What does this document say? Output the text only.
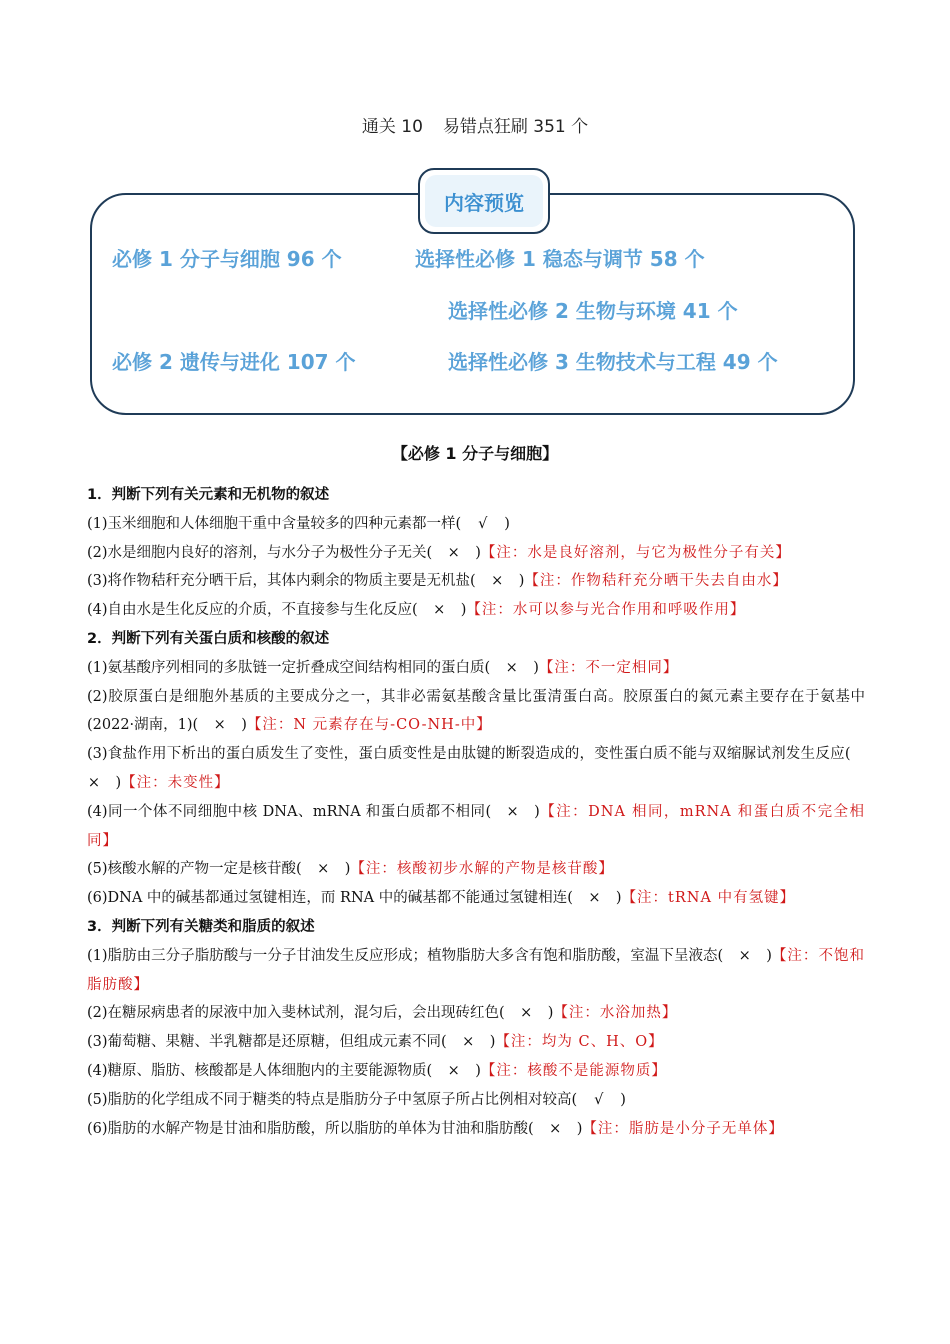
通关 10 易错点狂刷 351 个
内容预览
必修 1 分子与细胞 96 个	选择性必修 1 稳态与调节 58 个
选择性必修 2 生物与环境 41 个
必修 2 遗传与进化 107 个	选择性必修 3 生物技术与工程 49 个
【必修 1 分子与细胞】
1．判断下列有关元素和无机物的叙述
(1)玉米细胞和人体细胞干重中含量较多的四种元素都一样(  √  )
(2)水是细胞内良好的溶剂，与水分子为极性分子无关(  ×  )【注：水是良好溶剂，与它为极性分子有关】
(3)将作物秸秆充分晒干后，其体内剩余的物质主要是无机盐(  ×  )【注：作物秸秆充分晒干失去自由水】
(4)自由水是生化反应的介质，不直接参与生化反应(  ×  )【注：水可以参与光合作用和呼吸作用】
2．判断下列有关蛋白质和核酸的叙述
(1)氨基酸序列相同的多肽链一定折叠成空间结构相同的蛋白质(  ×  )【注：不一定相同】
(2)胶原蛋白是细胞外基质的主要成分之一，其非必需氨基酸含量比蛋清蛋白高。胶原蛋白的氮元素主要存在于氨基中(2022·湖南，1)(  ×  )【注：N 元素存在与-CO-NH-中】
(3)食盐作用下析出的蛋白质发生了变性，蛋白质变性是由肽键的断裂造成的，变性蛋白质不能与双缩脲试剂发生反应( ×  )【注：未变性】
(4)同一个体不同细胞中核 DNA、mRNA 和蛋白质都不相同(  ×  )【注：DNA 相同，mRNA 和蛋白质不完全相同】
(5)核酸水解的产物一定是核苷酸(  ×  )【注：核酸初步水解的产物是核苷酸】
(6)DNA 中的碱基都通过氢键相连，而 RNA 中的碱基都不能通过氢键相连(  ×  )【注：tRNA 中有氢键】
3．判断下列有关糖类和脂质的叙述
(1)脂肪由三分子脂肪酸与一分子甘油发生反应形成；植物脂肪大多含有饱和脂肪酸，室温下呈液态(  ×  )【注：不饱和脂肪酸】
(2)在糖尿病患者的尿液中加入斐林试剂，混匀后，会出现砖红色(  ×  )【注：水浴加热】
(3)葡萄糖、果糖、半乳糖都是还原糖，但组成元素不同(  ×  )【注：均为 C、H、O】
(4)糖原、脂肪、核酸都是人体细胞内的主要能源物质(  ×  )【注：核酸不是能源物质】
(5)脂肪的化学组成不同于糖类的特点是脂肪分子中氢原子所占比例相对较高(  √  )
(6)脂肪的水解产物是甘油和脂肪酸，所以脂肪的单体为甘油和脂肪酸(  ×  )【注：脂肪是小分子无单体】
